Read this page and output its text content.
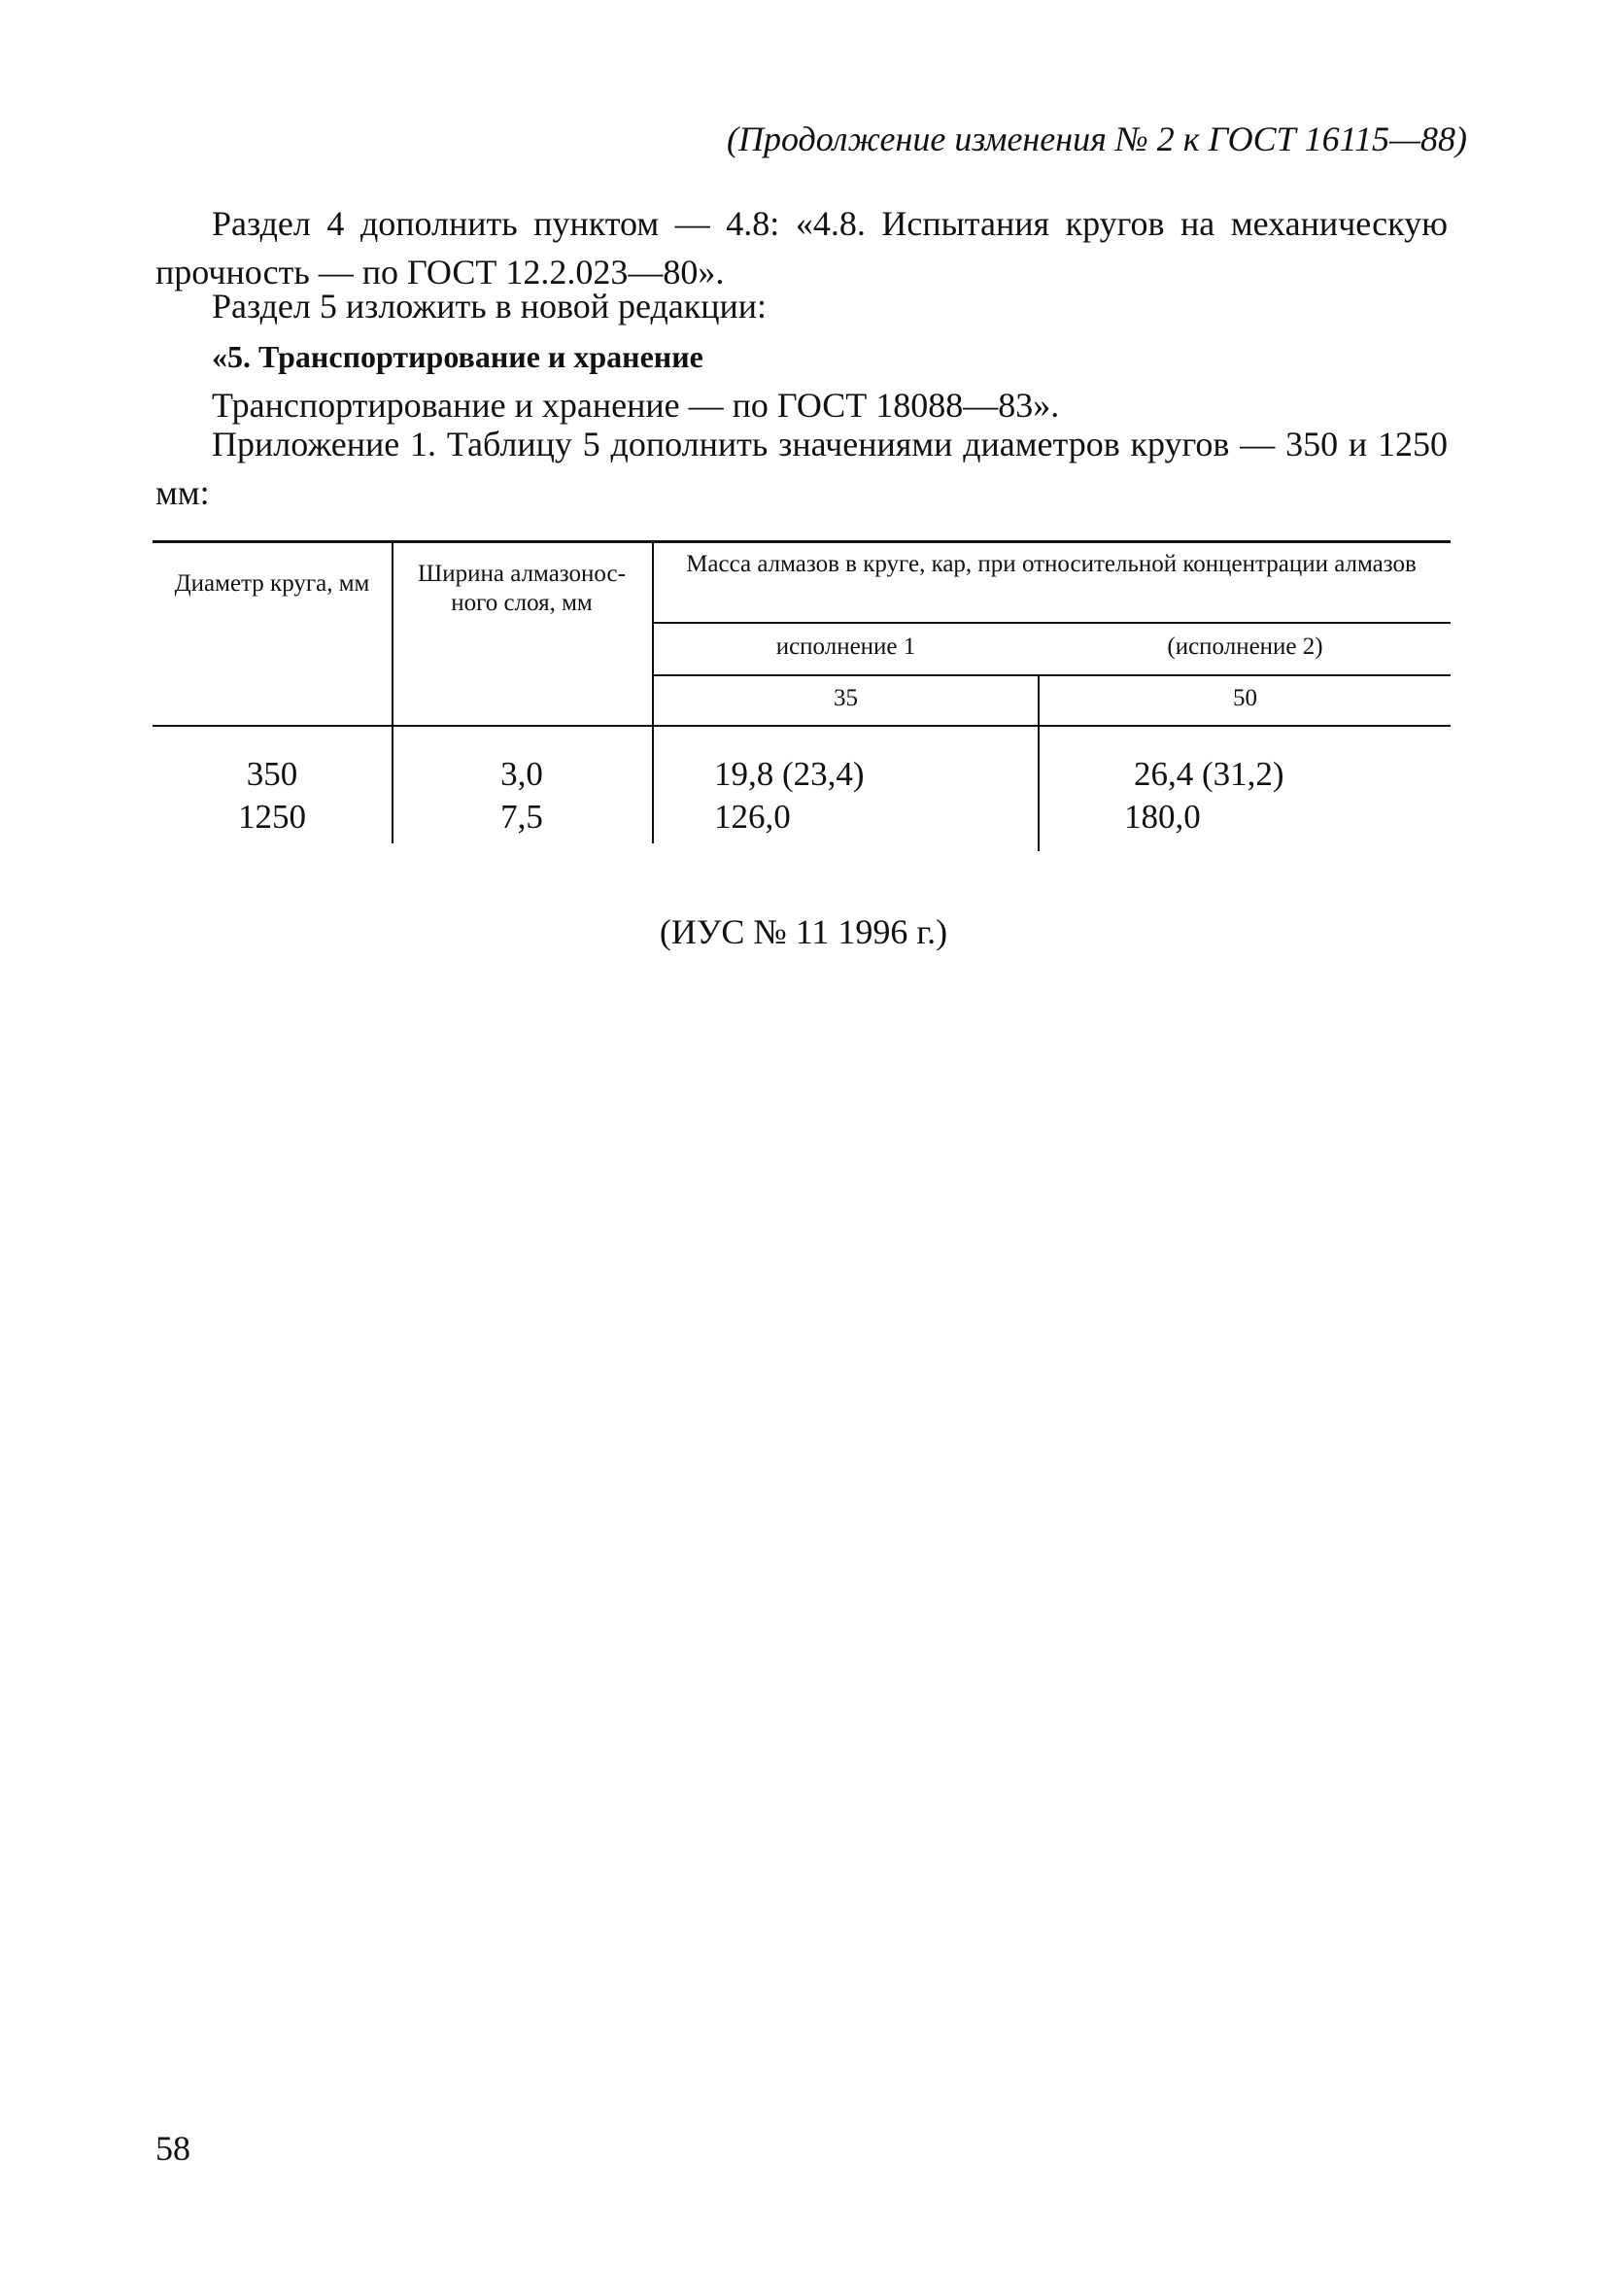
(Продолжение изменения № 2 к ГОСТ 16115—88)
Раздел 4 дополнить пунктом — 4.8: «4.8. Испытания кругов на механическую прочность — по ГОСТ 12.2.023—80».
Раздел 5 изложить в новой редакции:
«5. Транспортирование и хранение
Транспортирование и хранение — по ГОСТ 18088—83».
Приложение 1. Таблицу 5 дополнить значениями диаметров кругов — 350 и 1250 мм:
Диаметр круга, мм	Ширина алмазонос-ного слоя, мм
Масса алмазов в круге, кар, при относительной концентрации алмазов
исполнение 1	(исполнение 2)
35	50
350	3,0	19,8 (23,4)	26,4 (31,2)
1250	7,5	126,0	180,0
(ИУС № 11 1996 г.)
58
